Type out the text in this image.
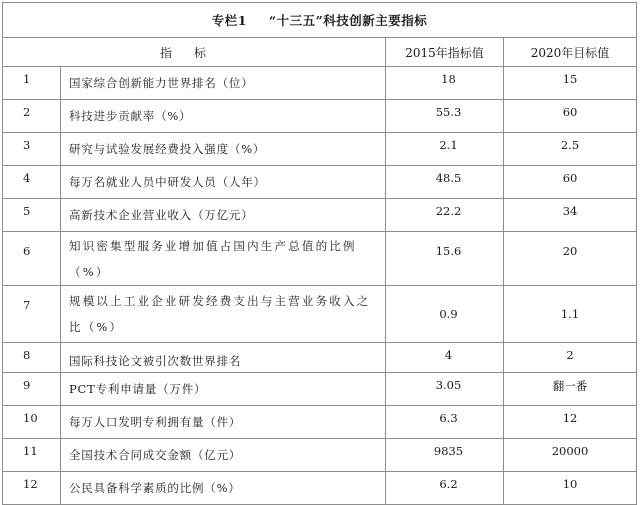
专栏1 “十三五”科技创新主要指标			
指标		2015年指标值	2020年目标值
1	国家综合创新能力世界排名（位）	18	15
2	科技进步贡献率（%）	55.3	60
3	研究与试验发展经费投入强度（%）	2.1	2.5
4	每万名就业人员中研发人员（人年）	48.5	60
5	高新技术企业营业收入（万亿元）	22.2	34
6	知识密集型服务业增加值占国内生产总值的比例（%）	15.6	20
7	规模以上工业企业研发经费支出与主营业务收入之比（%）	0.9	1.1
8	国际科技论文被引次数世界排名	4	2
9	PCT专利申请量（万件）	3.05	翻一番
10	每万人口发明专利拥有量（件）	6.3	12
11	全国技术合同成交金额（亿元）	9835	20000
12	公民具备科学素质的比例（%）	6.2	10
